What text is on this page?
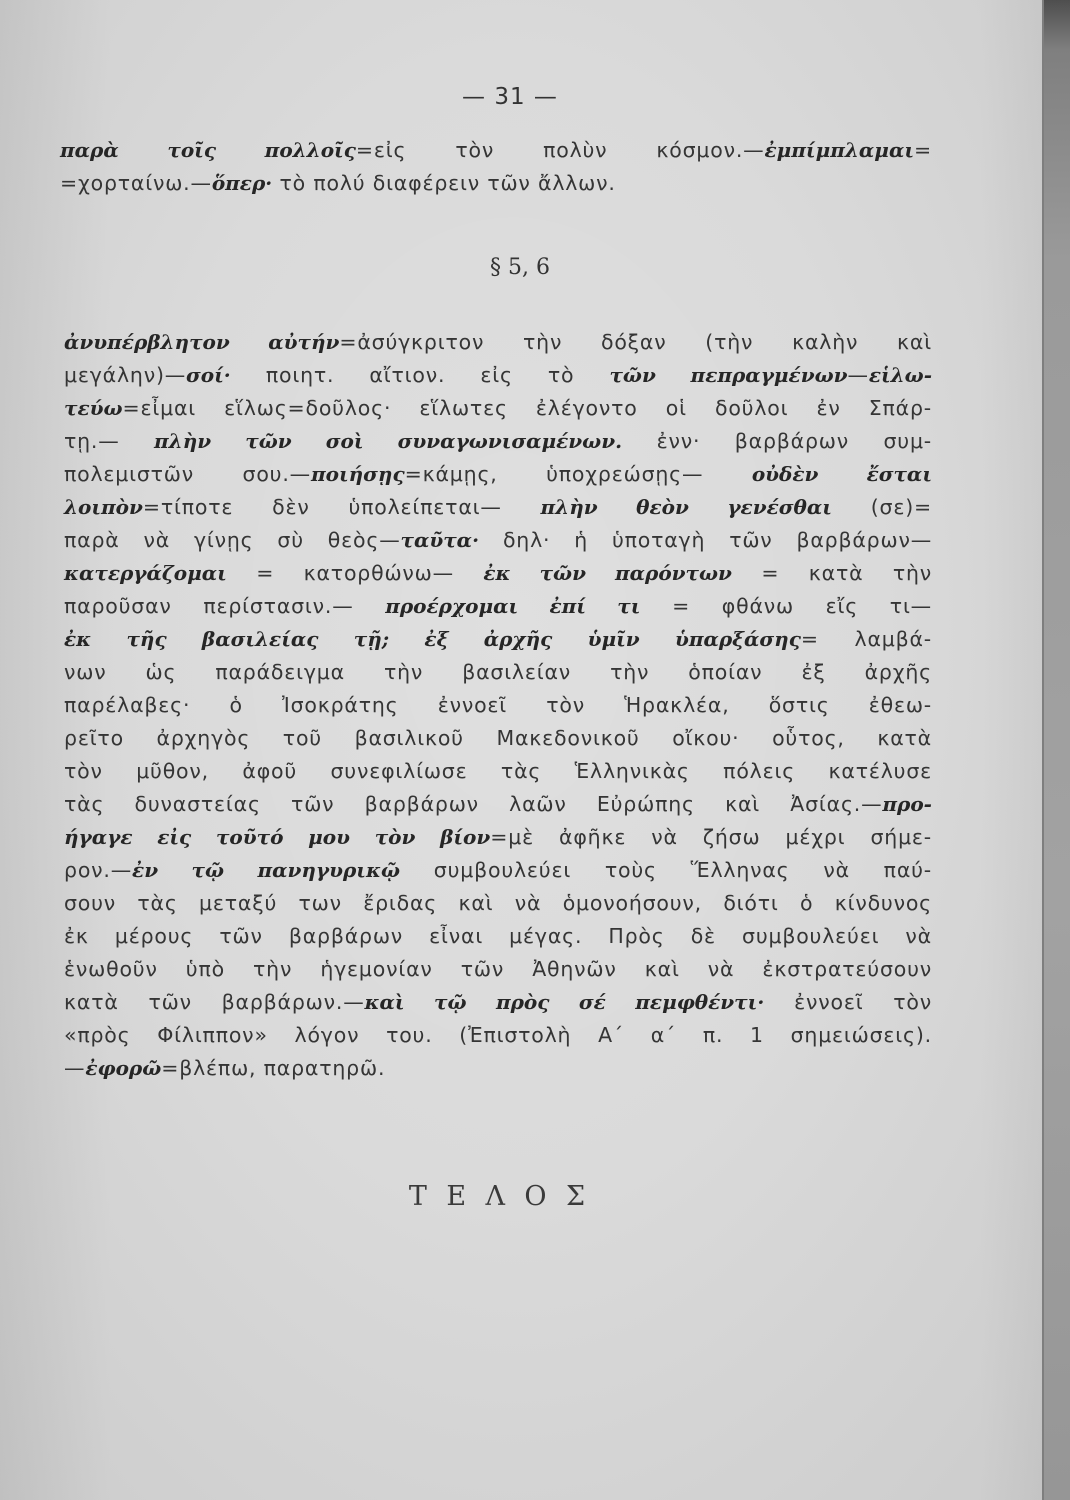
— 31 —
παρὰ τοῖς πολλοῖς=εἰς τὸν πολὺν κόσμον.—ἐμπίμπλαμαι=
=χορταίνω.—ὅπερ· τὸ πολύ διαφέρειν τῶν ἄλλων.
§ 5, 6
ἀνυπέρβλητον αὐτήν=ἀσύγκριτον τὴν δόξαν (τὴν καλὴν καὶ
μεγάλην)—σοί· ποιητ. αἴτιον. εἰς τὸ τῶν πεπραγμένων—εἱλω-
τεύω=εἶμαι εἵλως=δοῦλος· εἵλωτες ἐλέγοντο οἱ δοῦλοι ἐν Σπάρ-
τῃ.— πλὴν τῶν σοὶ συναγωνισαμένων. ἐνν· βαρβάρων συμ-
πολεμιστῶν σου.—ποιήσῃς=κάμῃς, ὑποχρεώσῃς— οὐδὲν ἔσται
λοιπὸν=τίποτε δὲν ὑπολείπεται— πλὴν θεὸν γενέσθαι (σε)=
παρὰ νὰ γίνῃς σὺ θεὸς—ταῦτα· δηλ· ἡ ὑποταγὴ τῶν βαρβάρων—
κατεργάζομαι = κατορθώνω— ἐκ τῶν παρόντων = κατὰ τὴν
παροῦσαν περίστασιν.— προέρχομαι ἐπί τι = φθάνω εἴς τι—
ἐκ τῆς βασιλείας τῇ; ἐξ ἀρχῆς ὑμῖν ὑπαρξάσης= λαμβά-
νων ὡς παράδειγμα τὴν βασιλείαν τὴν ὁποίαν ἐξ ἀρχῆς
παρέλαβες· ὁ Ἰσοκράτης ἐννοεῖ τὸν Ἡρακλέα, ὅστις ἐθεω-
ρεῖτο ἀρχηγὸς τοῦ βασιλικοῦ Μακεδονικοῦ οἴκου· οὗτος, κατὰ
τὸν μῦθον, ἀφοῦ συνεφιλίωσε τὰς Ἑλληνικὰς πόλεις κατέλυσε
τὰς δυναστείας τῶν βαρβάρων λαῶν Εὐρώπης καὶ Ἀσίας.—προ-
ήγαγε εἰς τοῦτό μου τὸν βίον=μὲ ἀφῆκε νὰ ζήσω μέχρι σήμε-
ρον.—ἐν τῷ πανηγυρικῷ συμβουλεύει τοὺς Ἕλληνας νὰ παύ-
σουν τὰς μεταξύ των ἔριδας καὶ νὰ ὁμονοήσουν, διότι ὁ κίνδυνος
ἐκ μέρους τῶν βαρβάρων εἶναι μέγας. Πρὸς δὲ συμβουλεύει νὰ
ἑνωθοῦν ὑπὸ τὴν ἡγεμονίαν τῶν Ἀθηνῶν καὶ νὰ ἐκστρατεύσουν
κατὰ τῶν βαρβάρων.—καὶ τῷ πρὸς σέ πεμφθέντι· ἐννοεῖ τὸν
«πρὸς Φίλιππον» λόγον του. (Ἐπιστολὴ Α΄ α΄ π. 1 σημειώσεις).
—ἐφορῶ=βλέπω, παρατηρῶ.
ΤΕΛΟΣ
